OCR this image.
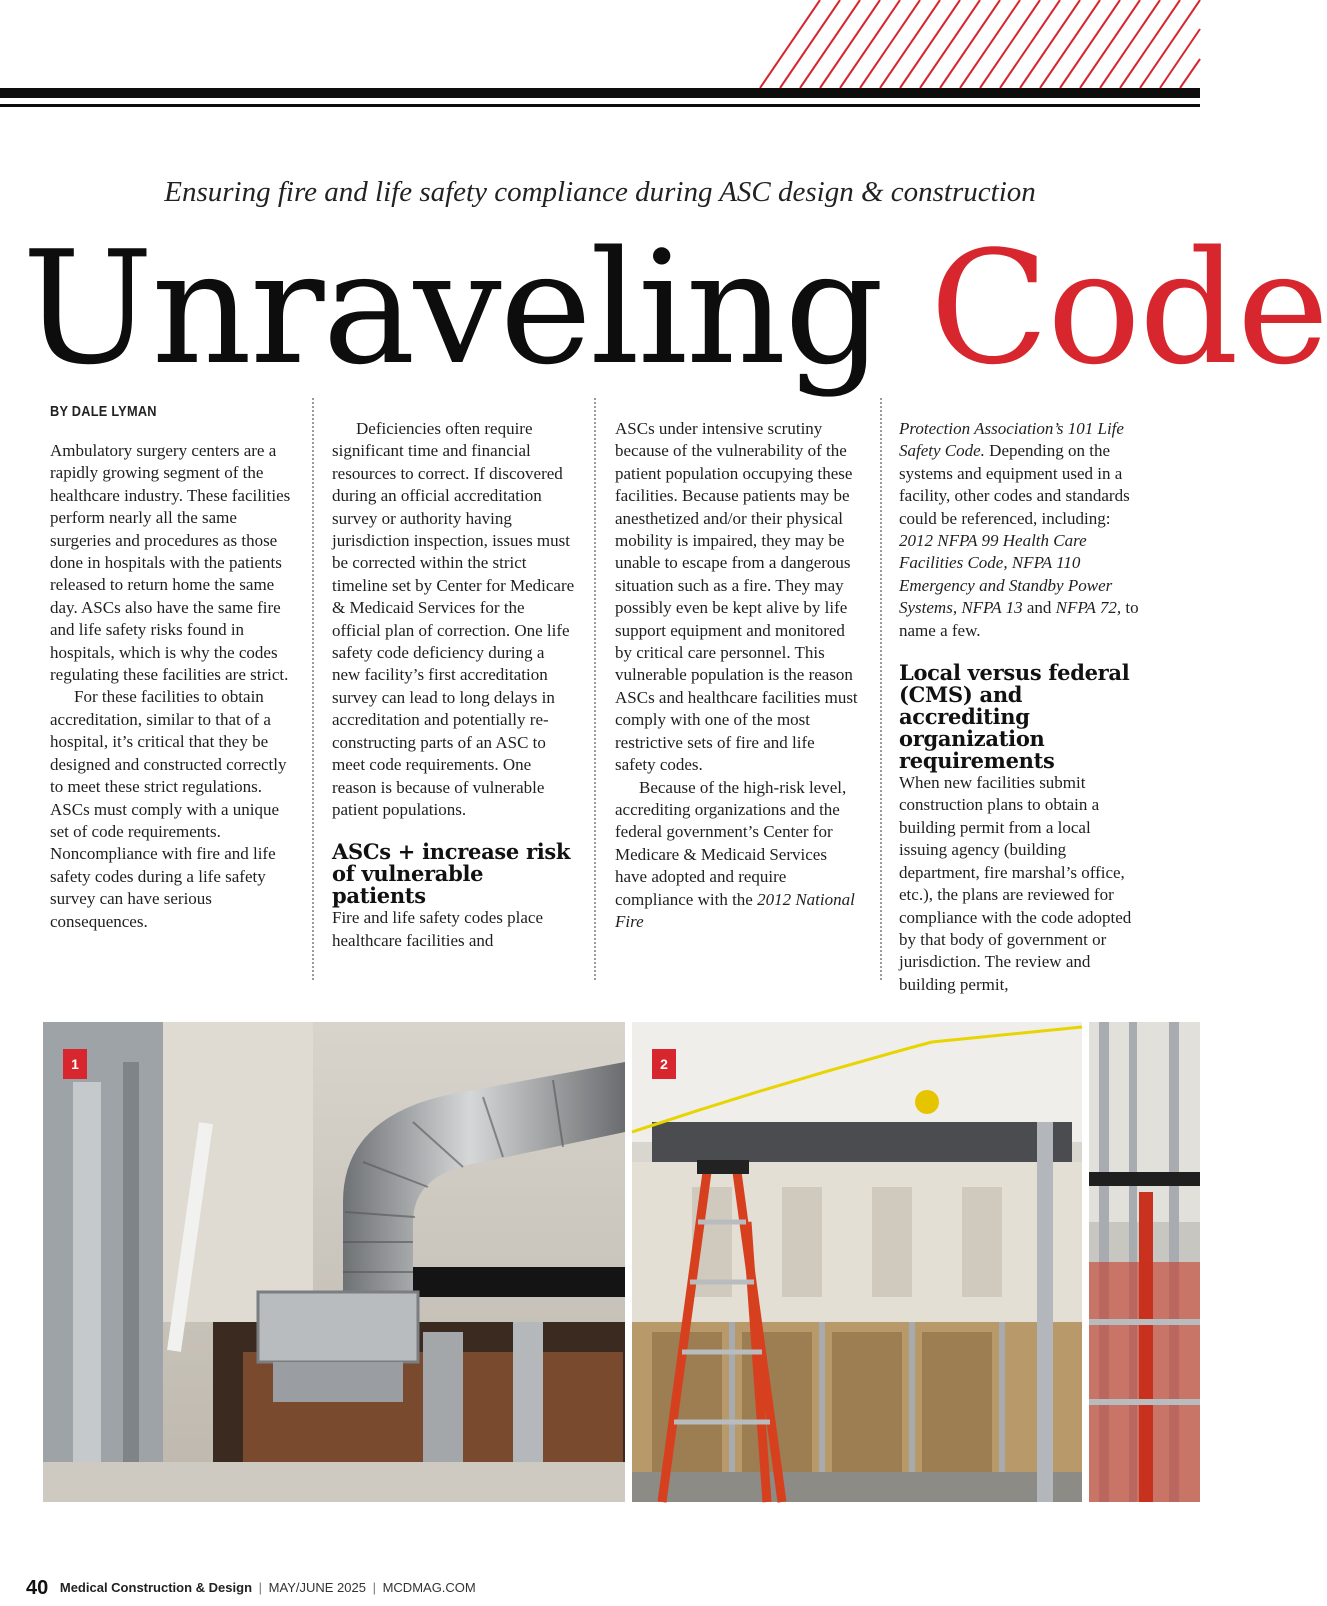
Ensuring fire and life safety compliance during ASC design & construction
Unraveling Code
BY DALE LYMAN

Ambulatory surgery centers are a rapidly growing segment of the healthcare industry. These facilities perform nearly all the same surgeries and procedures as those done in hospitals with the patients released to return home the same day. ASCs also have the same fire and life safety risks found in hospitals, which is why the codes regulating these facilities are strict.

For these facilities to obtain accreditation, similar to that of a hospital, it’s critical that they be designed and constructed correctly to meet these strict regulations. ASCs must comply with a unique set of code requirements. Noncompliance with fire and life safety codes during a life safety survey can have serious consequences.

Deficiencies often require significant time and financial resources to correct. If discovered during an official accreditation survey or authority having jurisdiction inspection, issues must be corrected within the strict timeline set by Center for Medicare & Medicaid Services for the official plan of correction. One life safety code deficiency during a new facility’s first accreditation survey can lead to long delays in accreditation and potentially re-constructing parts of an ASC to meet code requirements. One reason is because of vulnerable patient populations.

ASCs + increase risk of vulnerable patients

Fire and life safety codes place healthcare facilities and

ASCs under intensive scrutiny because of the vulnerability of the patient population occupying these facilities. Because patients may be anesthetized and/or their physical mobility is impaired, they may be unable to escape from a dangerous situation such as a fire. They may possibly even be kept alive by life support equipment and monitored by critical care personnel. This vulnerable population is the reason ASCs and healthcare facilities must comply with one of the most restrictive sets of fire and life safety codes.

Because of the high-risk level, accrediting organizations and the federal government’s Center for Medicare & Medicaid Services have adopted and require compliance with the 2012 National Fire

Protection Association’s 101 Life Safety Code. Depending on the systems and equipment used in a facility, other codes and standards could be referenced, including: 2012 NFPA 99 Health Care Facilities Code, NFPA 110 Emergency and Standby Power Systems, NFPA 13 and NFPA 72, to name a few.

Local versus federal (CMS) and accrediting organization requirements

When new facilities submit construction plans to obtain a building permit from a local issuing agency (building department, fire marshal’s office, etc.), the plans are reviewed for compliance with the code adopted by that body of government or jurisdiction. The review and building permit,

1	2
40 Medical Construction & Design | MAY/JUNE 2025 | MCDMAG.COM
